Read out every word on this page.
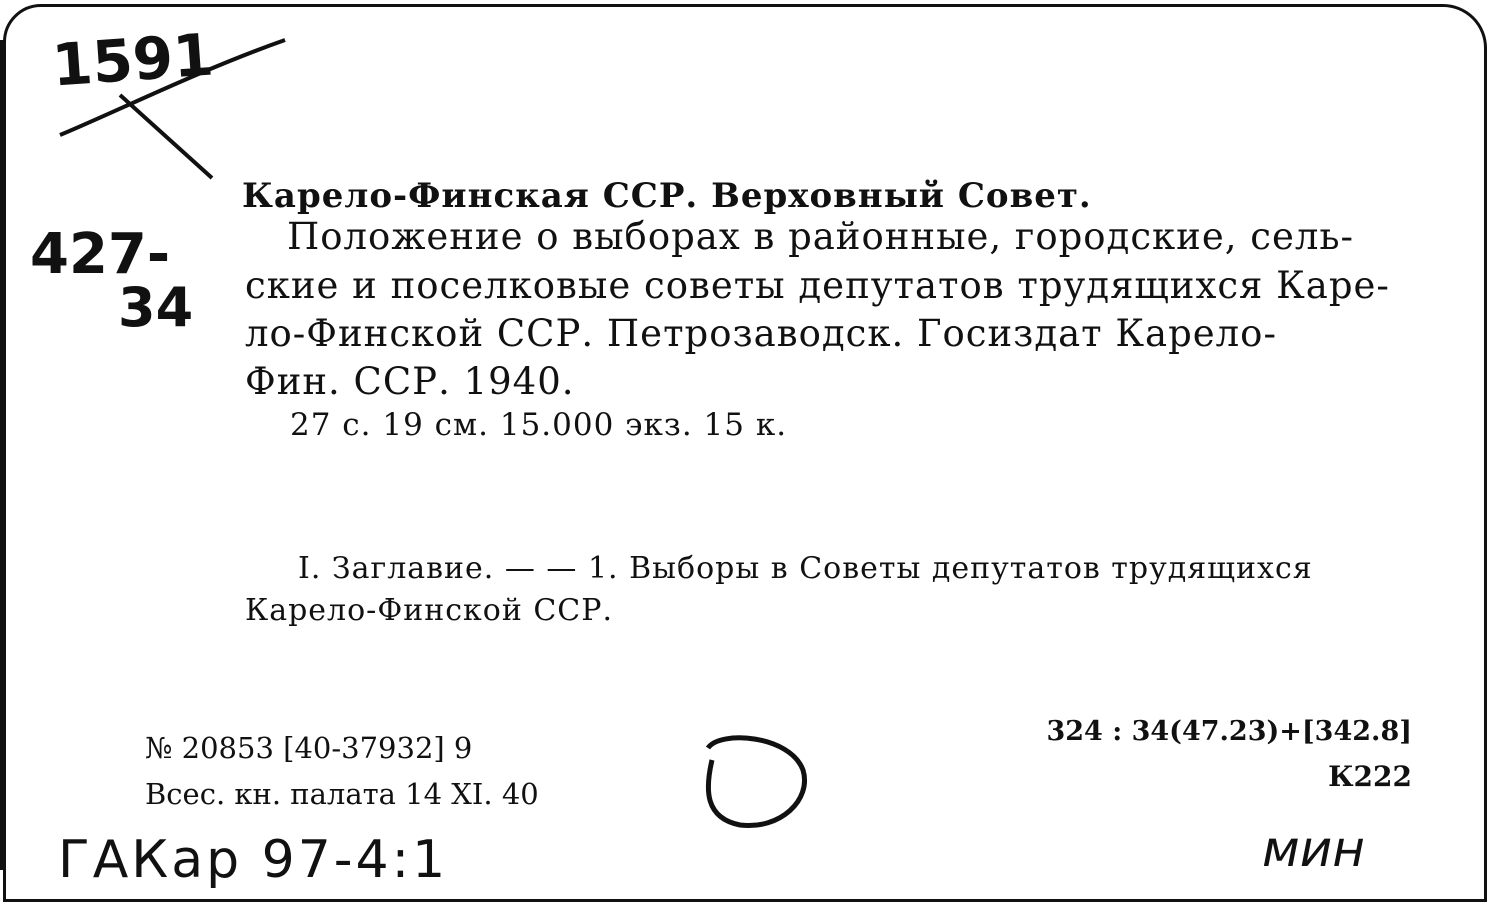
1591
427-
34
Карело-Финская ССР. Верховный Совет.
Положение о выборах в районные, городские, сель-
ские и поселковые советы депутатов трудящихся Каре-
ло-Финской ССР. Петрозаводск. Госиздат Карело-
Фин. ССР. 1940.
27 с. 19 см. 15.000 экз. 15 к.
I. Заглавие. — — 1. Выборы в Советы депутатов трудящихся
Карело-Финской ССР.
№ 20853 [40-37932] 9
Всес. кн. палата 14 XI. 40
324 : 34(47.23)+[342.8]
К222
ГАКар 97-4:1	мин
